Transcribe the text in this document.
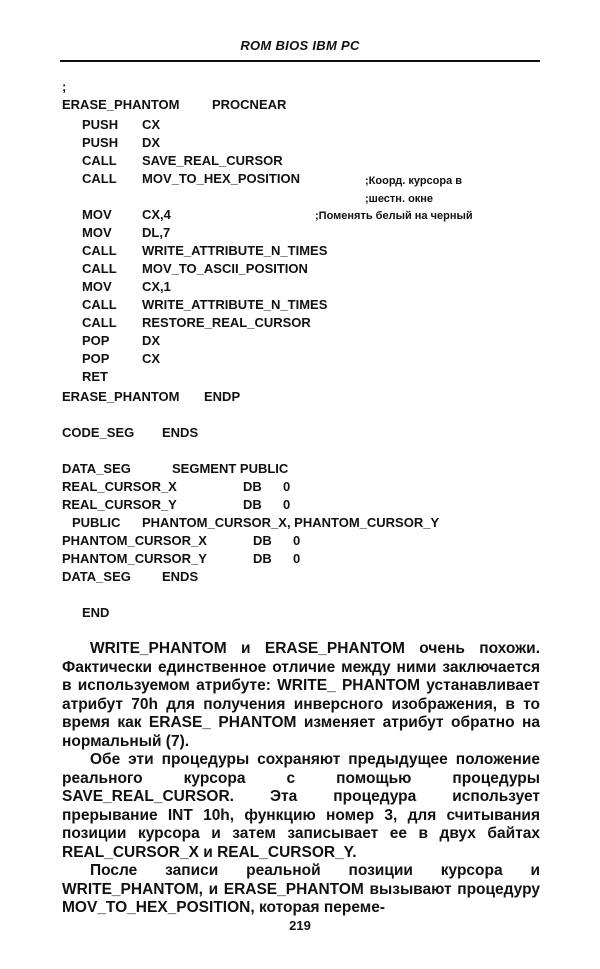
ROM BIOS IBM PC
;
ERASE_PHANTOM PROCNEAR
PUSH CX
PUSH DX
CALL SAVE_REAL_CURSOR
CALL MOV_TO_HEX_POSITION	;Коорд. курсора в
;шестн. окне
MOV CX,4	;Поменять белый на черный
MOV DL,7
CALL WRITE_ATTRIBUTE_N_TIMES
CALL MOV_TO_ASCII_POSITION
MOV CX,1
CALL WRITE_ATTRIBUTE_N_TIMES
CALL RESTORE_REAL_CURSOR
POP	DX
POP	CX
RET
ERASE_PHANTOM ENDP
CODE_SEG ENDS
DATA_SEG	SEGMENT PUBLIC
REAL_CURSOR_X	DB 0
REAL_CURSOR_Y	DB 0
PUBLIC PHANTOM_CURSOR_X, PHANTOM_CURSOR_Y
PHANTOM_CURSOR_X	DB 0
PHANTOM_CURSOR_Y	DB 0
DATA_SEG ENDS
END

WRITE_PHANTOM и ERASE_PHANTOM очень похожи. Фактически единственное отличие между ними заключается в используемом атрибуте: WRITE_ PHANTOM устанавливает атрибут 70h для получения инверсного изображения, в то время как ERASE_ PHANTOM изменяет атрибут обратно на нормальный (7).

Обе эти процедуры сохраняют предыдущее положение реального курсора с помощью процедуры SAVE_REAL_CURSOR. Эта процедура использует прерывание INT 10h, функцию номер 3, для считывания позиции курсора и затем записывает ее в двух байтах REAL_CURSOR_X и REAL_CURSOR_Y.

После записи реальной позиции курсора и WRITE_PHANTOM, и ERASE_PHANTOM вызывают процедуру MOV_TO_HEX_POSITION, которая переме-

219
